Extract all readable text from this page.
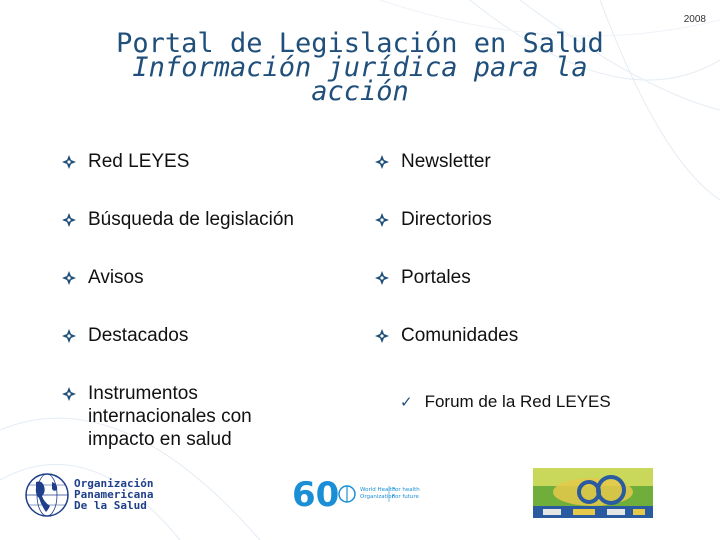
2008
Portal de Legislación en Salud
Información jurídica para la
acción
Red LEYES
Búsqueda de legislación
Avisos
Destacados
Instrumentos internacionales con impacto en salud
Newsletter
Directorios
Portales
Comunidades
✓ Forum de la Red LEYES
Organización
Panamericana
De la Salud	60	World Health
Organization
For health
For future
